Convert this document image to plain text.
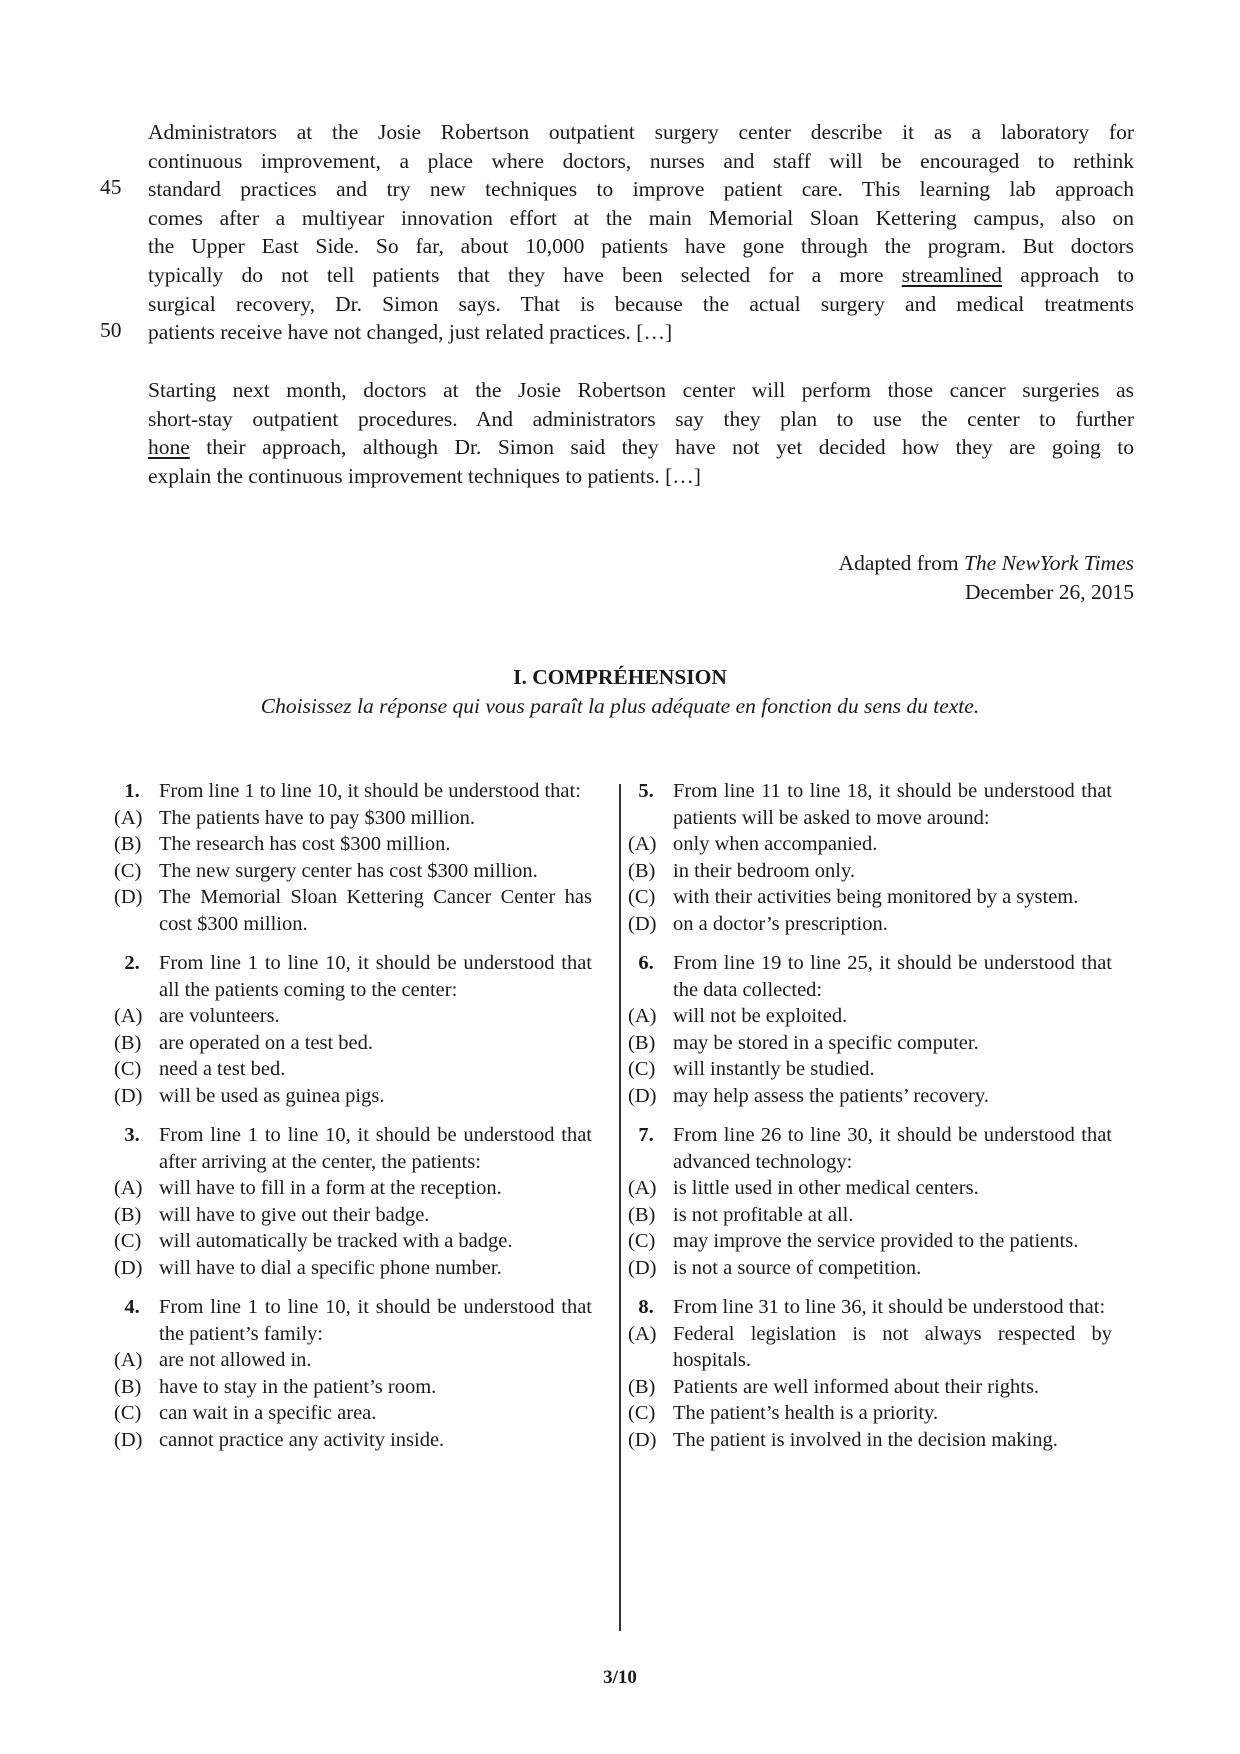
Administrators at the Josie Robertson outpatient surgery center describe it as a laboratory for
continuous improvement, a place where doctors, nurses and staff will be encouraged to rethink
standard practices and try new techniques to improve patient care. This learning lab approach
comes after a multiyear innovation effort at the main Memorial Sloan Kettering campus, also on
the Upper East Side. So far, about 10,000 patients have gone through the program. But doctors
typically do not tell patients that they have been selected for a more streamlined approach to
surgical recovery, Dr. Simon says. That is because the actual surgery and medical treatments
patients receive have not changed, just related practices. […]
45
50
Starting next month, doctors at the Josie Robertson center will perform those cancer surgeries as
short-stay outpatient procedures. And administrators say they plan to use the center to further
hone their approach, although Dr. Simon said they have not yet decided how they are going to
explain the continuous improvement techniques to patients. […]
Adapted from The NewYork Times
December 26, 2015
I. COMPRÉHENSION
Choisissez la réponse qui vous paraît la plus adéquate en fonction du sens du texte.
1. From line 1 to line 10, it should be understood that:
(A) The patients have to pay $300 million.
(B) The research has cost $300 million.
(C) The new surgery center has cost $300 million.
(D) The Memorial Sloan Kettering Cancer Center has cost $300 million.
2. From line 1 to line 10, it should be understood that all the patients coming to the center:
(A) are volunteers.
(B) are operated on a test bed.
(C) need a test bed.
(D) will be used as guinea pigs.
3. From line 1 to line 10, it should be understood that after arriving at the center, the patients:
(A) will have to fill in a form at the reception.
(B) will have to give out their badge.
(C) will automatically be tracked with a badge.
(D) will have to dial a specific phone number.
4. From line 1 to line 10, it should be understood that the patient’s family:
(A) are not allowed in.
(B) have to stay in the patient’s room.
(C) can wait in a specific area.
(D) cannot practice any activity inside.
5. From line 11 to line 18, it should be understood that patients will be asked to move around:
(A) only when accompanied.
(B) in their bedroom only.
(C) with their activities being monitored by a system.
(D) on a doctor’s prescription.
6. From line 19 to line 25, it should be understood that the data collected:
(A) will not be exploited.
(B) may be stored in a specific computer.
(C) will instantly be studied.
(D) may help assess the patients’ recovery.
7. From line 26 to line 30, it should be understood that advanced technology:
(A) is little used in other medical centers.
(B) is not profitable at all.
(C) may improve the service provided to the patients.
(D) is not a source of competition.
8. From line 31 to line 36, it should be understood that:
(A) Federal legislation is not always respected by hospitals.
(B) Patients are well informed about their rights.
(C) The patient’s health is a priority.
(D) The patient is involved in the decision making.
3/10
